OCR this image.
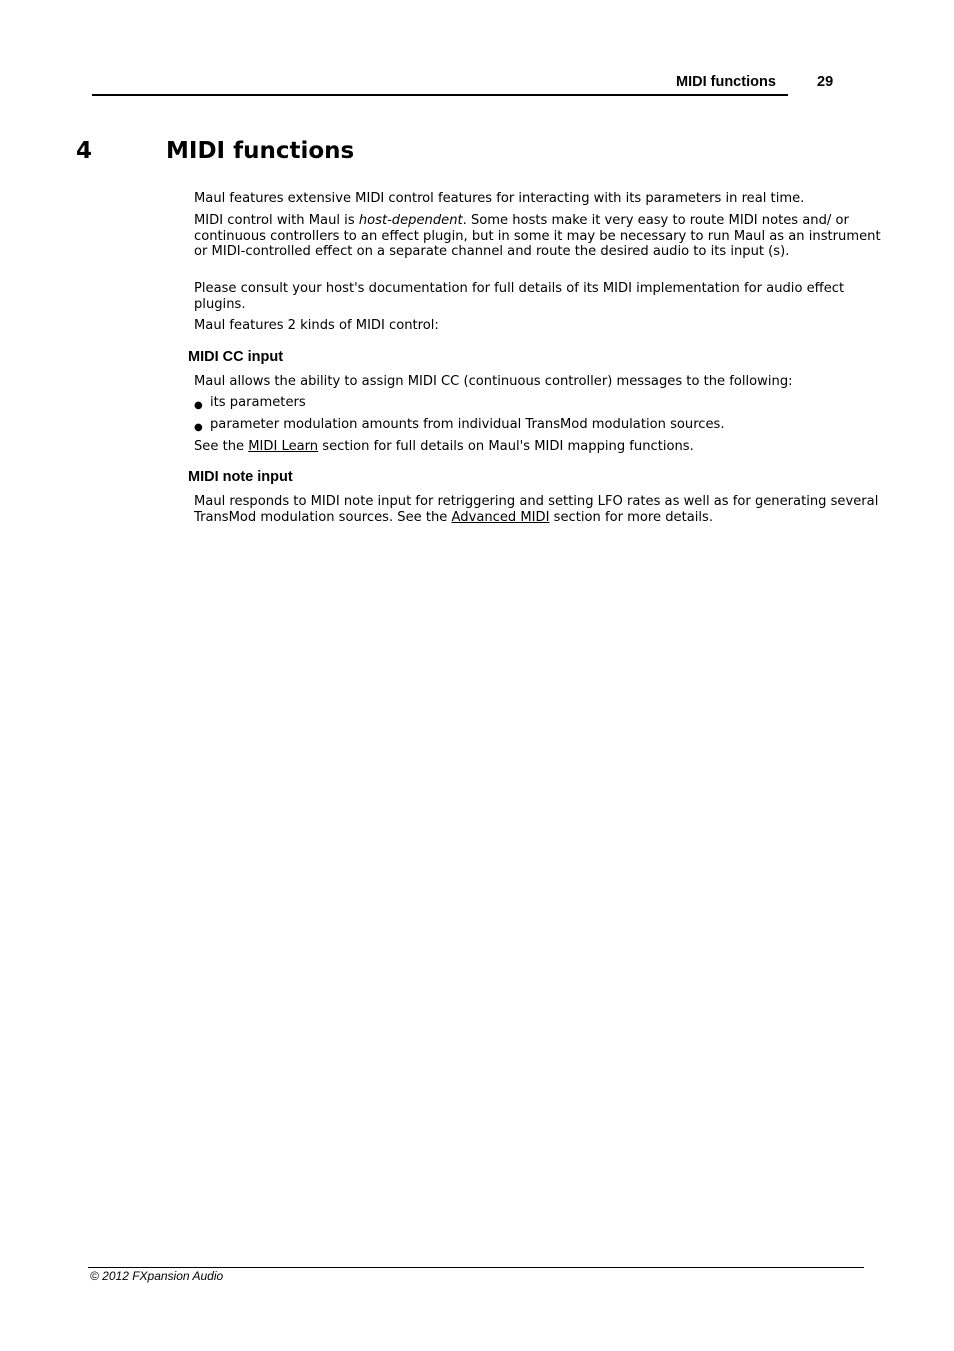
MIDI functions	29
4	MIDI functions

Maul features extensive MIDI control features for interacting with its parameters in real time.

MIDI control with Maul is host-dependent. Some hosts make it very easy to route MIDI notes and/ or continuous controllers to an effect plugin, but in some it may be necessary to run Maul as an instrument or MIDI-controlled effect on a separate channel and route the desired audio to its input (s).

Please consult your host's documentation for full details of its MIDI implementation for audio effect plugins.

Maul features 2 kinds of MIDI control:

MIDI CC input

Maul allows the ability to assign MIDI CC (continuous controller) messages to the following:

● its parameters
● parameter modulation amounts from individual TransMod modulation sources.

See the MIDI Learn section for full details on Maul's MIDI mapping functions.

MIDI note input

Maul responds to MIDI note input for retriggering and setting LFO rates as well as for generating several TransMod modulation sources. See the Advanced MIDI section for more details.

© 2012 FXpansion Audio
